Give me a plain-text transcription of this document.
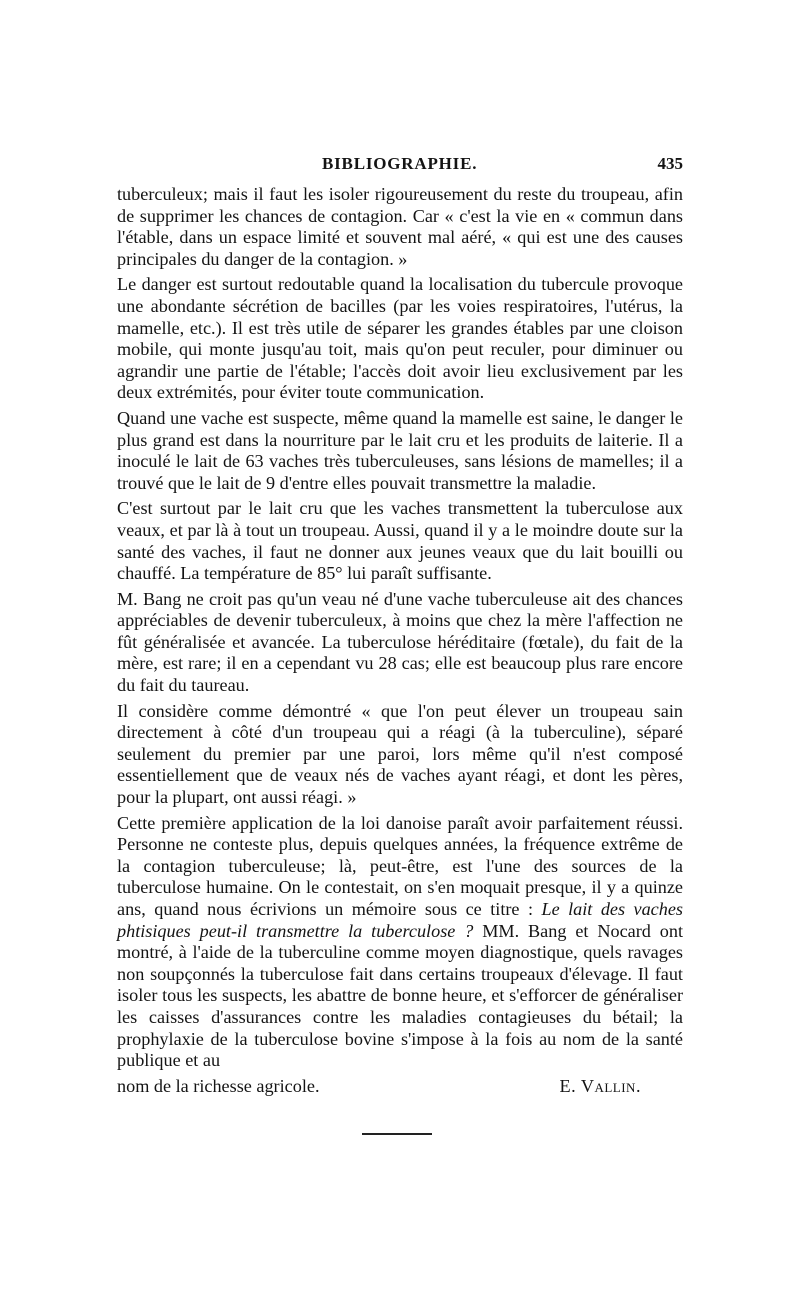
BIBLIOGRAPHIE.	435

tuberculeux; mais il faut les isoler rigoureusement du reste du troupeau, afin de supprimer les chances de contagion. Car « c'est la vie en « commun dans l'étable, dans un espace limité et souvent mal aéré, « qui est une des causes principales du danger de la contagion. »

Le danger est surtout redoutable quand la localisation du tubercule provoque une abondante sécrétion de bacilles (par les voies respiratoires, l'utérus, la mamelle, etc.). Il est très utile de séparer les grandes étables par une cloison mobile, qui monte jusqu'au toit, mais qu'on peut reculer, pour diminuer ou agrandir une partie de l'étable; l'accès doit avoir lieu exclusivement par les deux extrémités, pour éviter toute communication.

Quand une vache est suspecte, même quand la mamelle est saine, le danger le plus grand est dans la nourriture par le lait cru et les produits de laiterie. Il a inoculé le lait de 63 vaches très tuberculeuses, sans lésions de mamelles; il a trouvé que le lait de 9 d'entre elles pouvait transmettre la maladie.

C'est surtout par le lait cru que les vaches transmettent la tuberculose aux veaux, et par là à tout un troupeau. Aussi, quand il y a le moindre doute sur la santé des vaches, il faut ne donner aux jeunes veaux que du lait bouilli ou chauffé. La température de 85° lui paraît suffisante.

M. Bang ne croit pas qu'un veau né d'une vache tuberculeuse ait des chances appréciables de devenir tuberculeux, à moins que chez la mère l'affection ne fût généralisée et avancée. La tuberculose héréditaire (fœtale), du fait de la mère, est rare; il en a cependant vu 28 cas; elle est beaucoup plus rare encore du fait du taureau.

Il considère comme démontré « que l'on peut élever un troupeau sain directement à côté d'un troupeau qui a réagi (à la tuberculine), séparé seulement du premier par une paroi, lors même qu'il n'est composé essentiellement que de veaux nés de vaches ayant réagi, et dont les pères, pour la plupart, ont aussi réagi. »

Cette première application de la loi danoise paraît avoir parfaitement réussi. Personne ne conteste plus, depuis quelques années, la fréquence extrême de la contagion tuberculeuse; là, peut-être, est l'une des sources de la tuberculose humaine. On le contestait, on s'en moquait presque, il y a quinze ans, quand nous écrivions un mémoire sous ce titre : Le lait des vaches phtisiques peut-il transmettre la tuberculose ? MM. Bang et Nocard ont montré, à l'aide de la tuberculine comme moyen diagnostique, quels ravages non soupçonnés la tuberculose fait dans certains troupeaux d'élevage. Il faut isoler tous les suspects, les abattre de bonne heure, et s'efforcer de généraliser les caisses d'assurances contre les maladies contagieuses du bétail; la prophylaxie de la tuberculose bovine s'impose à la fois au nom de la santé publique et au

nom de la richesse agricole.	E. Vallin.
